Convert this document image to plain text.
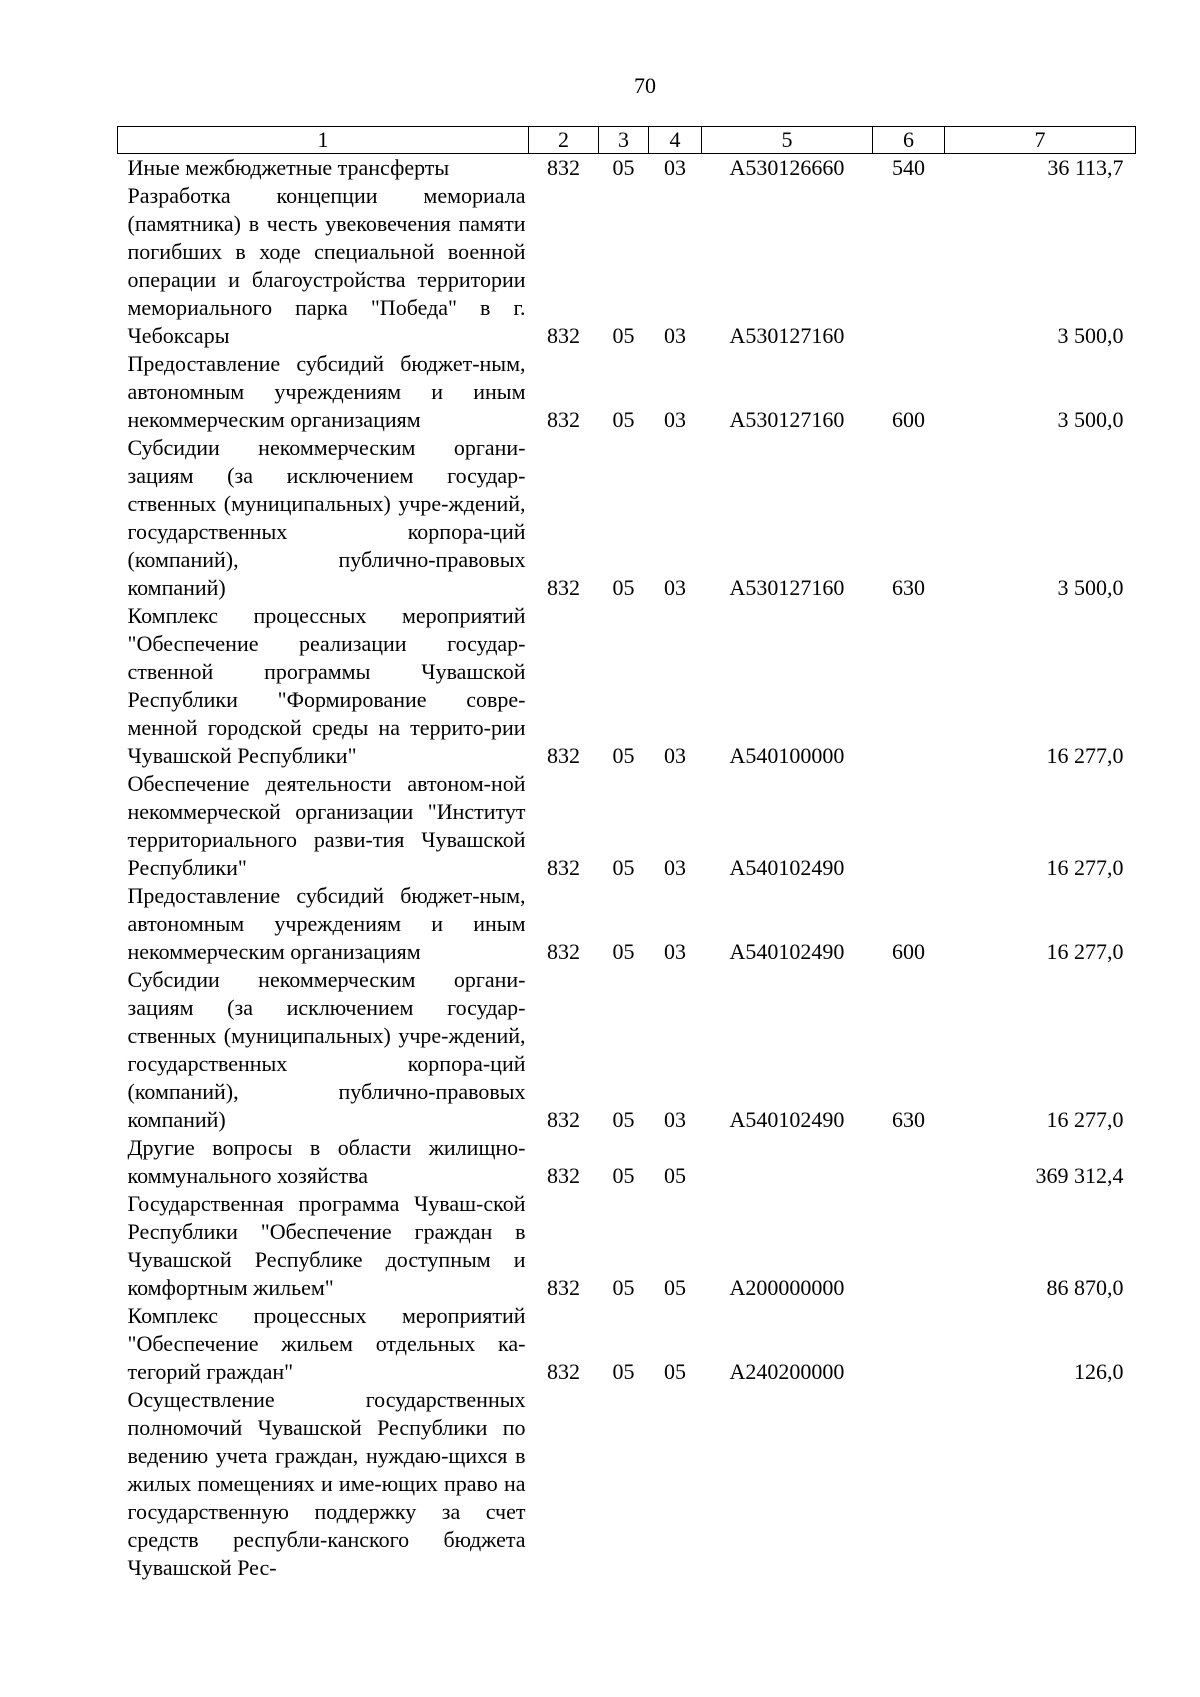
70
1	2	3	4	5	6	7
Иные межбюджетные трансферты	832	05	03	А530126660	540	36 113,7
Разработка концепции мемориала (памятника) в честь увековечения памяти погибших в ходе специальной военной операции и благоустройства территории мемориального парка "Победа" в г. Чебоксары	832	05	03	А530127160		3 500,0
Предоставление субсидий бюджет-ным, автономным учреждениям и иным некоммерческим организациям	832	05	03	А530127160	600	3 500,0
Субсидии некоммерческим органи-зациям (за исключением государ-ственных (муниципальных) учре-ждений, государственных корпора-ций (компаний), публично-правовых компаний)	832	05	03	А530127160	630	3 500,0
Комплекс процессных мероприятий "Обеспечение реализации государ-ственной программы Чувашской Республики "Формирование совре-менной городской среды на террито-рии Чувашской Республики"	832	05	03	А540100000		16 277,0
Обеспечение деятельности автоном-ной некоммерческой организации "Институт территориального разви-тия Чувашской Республики"	832	05	03	А540102490		16 277,0
Предоставление субсидий бюджет-ным, автономным учреждениям и иным некоммерческим организациям	832	05	03	А540102490	600	16 277,0
Субсидии некоммерческим органи-зациям (за исключением государ-ственных (муниципальных) учре-ждений, государственных корпора-ций (компаний), публично-правовых компаний)	832	05	03	А540102490	630	16 277,0
Другие вопросы в области жилищно-коммунального хозяйства	832	05	05			369 312,4
Государственная программа Чуваш-ской Республики "Обеспечение граждан в Чувашской Республике доступным и комфортным жильем"	832	05	05	А200000000		86 870,0
Комплекс процессных мероприятий "Обеспечение жильем отдельных ка-тегорий граждан"	832	05	05	А240200000		126,0
Осуществление государственных полномочий Чувашской Республики по ведению учета граждан, нуждаю-щихся в жилых помещениях и име-ющих право на государственную поддержку за счет средств республи-канского бюджета Чувашской Рес-						
